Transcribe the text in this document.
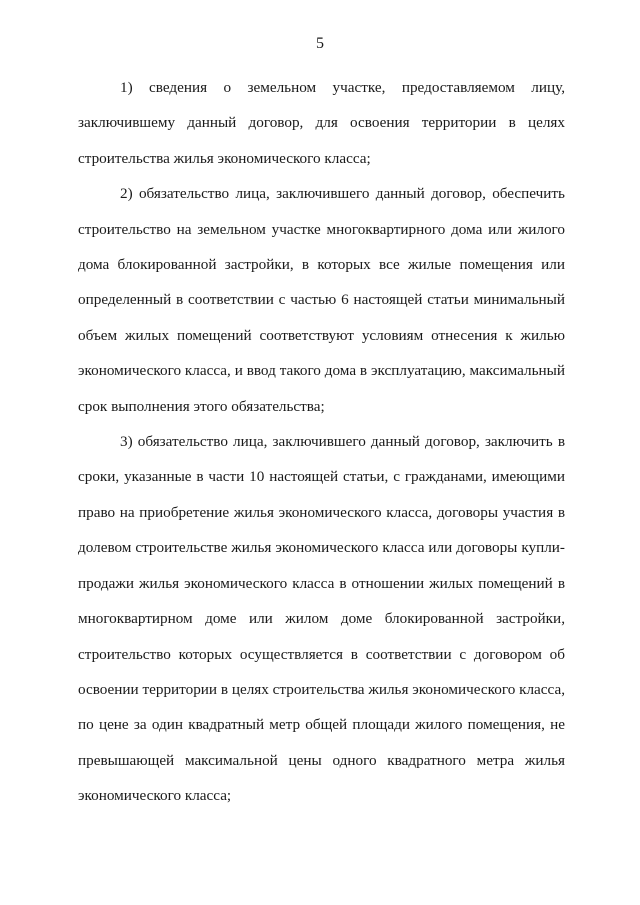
5

1) сведения о земельном участке, предоставляемом лицу, заключившему данный договор, для освоения территории в целях строительства жилья экономического класса;

2) обязательство лица, заключившего данный договор, обеспечить строительство на земельном участке многоквартирного дома или жилого дома блокированной застройки, в которых все жилые помещения или определенный в соответствии с частью 6 настоящей статьи минимальный объем жилых помещений соответствуют условиям отнесения к жилью экономического класса, и ввод такого дома в эксплуатацию, максимальный срок выполнения этого обязательства;

3) обязательство лица, заключившего данный договор, заключить в сроки, указанные в части 10 настоящей статьи, с гражданами, имеющими право на приобретение жилья экономического класса, договоры участия в долевом строительстве жилья экономического класса или договоры купли-продажи жилья экономического класса в отношении жилых помещений в многоквартирном доме или жилом доме блокированной застройки, строительство которых осуществляется в соответствии с договором об освоении территории в целях строительства жилья экономического класса, по цене за один квадратный метр общей площади жилого помещения, не превышающей максимальной цены одного квадратного метра жилья экономического класса;
